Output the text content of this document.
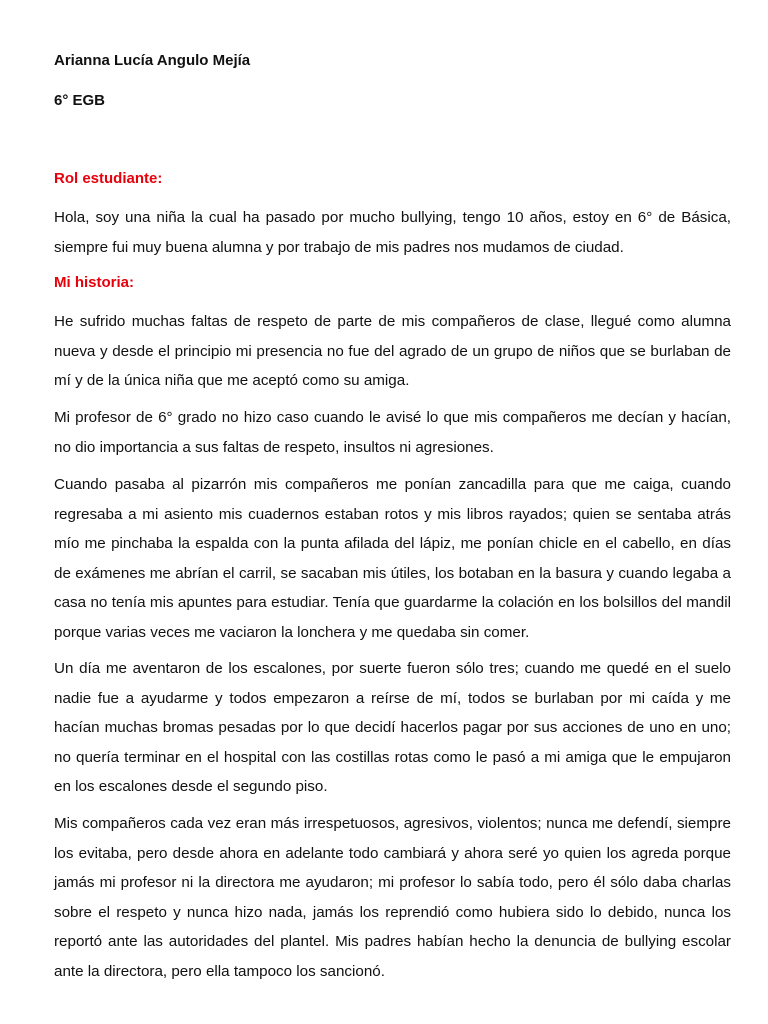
Arianna Lucía Angulo Mejía
6° EGB
Rol estudiante:

Hola, soy una niña la cual ha pasado por mucho bullying, tengo 10 años, estoy en 6° de Básica, siempre fui muy buena alumna y por trabajo de mis padres nos mudamos de ciudad.

Mi historia:

He sufrido muchas faltas de respeto de parte de mis compañeros de clase, llegué como alumna nueva y desde el principio mi presencia no fue del agrado de un grupo de niños que se burlaban de mí y de la única niña que me aceptó como su amiga.

Mi profesor de 6° grado no hizo caso cuando le avisé lo que mis compañeros me decían y hacían, no dio importancia a sus faltas de respeto, insultos ni agresiones.

Cuando pasaba al pizarrón mis compañeros me ponían zancadilla para que me caiga, cuando regresaba a mi asiento mis cuadernos estaban rotos y mis libros rayados; quien se sentaba atrás mío me pinchaba la espalda con la punta afilada del lápiz, me ponían chicle en el cabello, en días de exámenes me abrían el carril, se sacaban mis útiles, los botaban en la basura y cuando legaba a casa no tenía mis apuntes para estudiar. Tenía que guardarme la colación en los bolsillos del mandil porque varias veces me vaciaron la lonchera y me quedaba sin comer.

Un día me aventaron de los escalones, por suerte fueron sólo tres; cuando me quedé en el suelo nadie fue a ayudarme y todos empezaron a reírse de mí, todos se burlaban por mi caída y me hacían muchas bromas pesadas por lo que decidí hacerlos pagar por sus acciones de uno en uno; no quería terminar en el hospital con las costillas rotas como le pasó a mi amiga que le empujaron en los escalones desde el segundo piso.

Mis compañeros cada vez eran más irrespetuosos, agresivos, violentos; nunca me defendí, siempre los evitaba, pero desde ahora en adelante todo cambiará y ahora seré yo quien los agreda porque jamás mi profesor ni la directora me ayudaron; mi profesor lo sabía todo, pero él sólo daba charlas sobre el respeto y nunca hizo nada, jamás los reprendió como hubiera sido lo debido, nunca los reportó ante las autoridades del plantel. Mis padres habían hecho la denuncia de bullying escolar ante la directora, pero ella tampoco los sancionó.
